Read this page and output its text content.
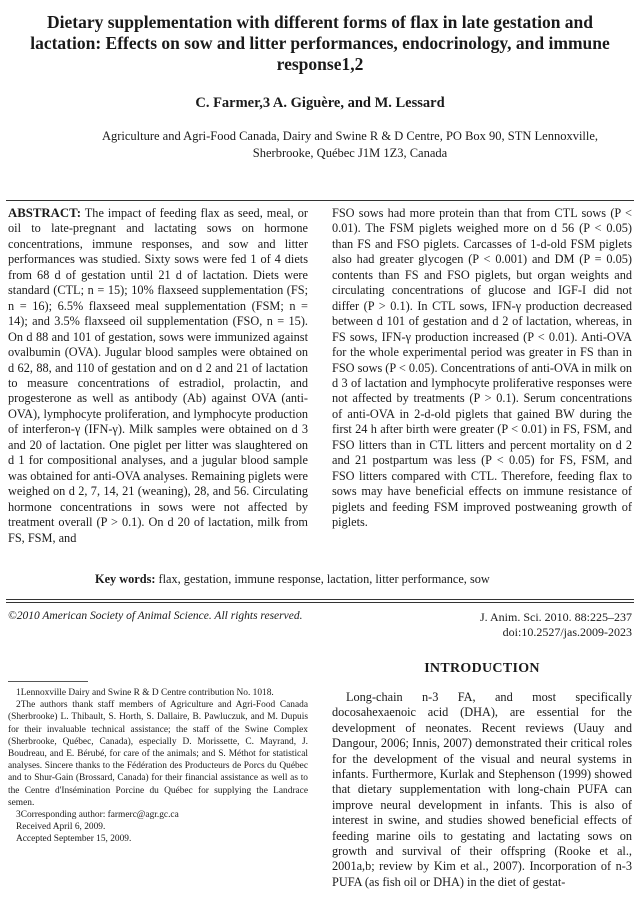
Dietary supplementation with different forms of flax in late gestation and lactation: Effects on sow and litter performances, endocrinology, and immune response1,2
C. Farmer,3 A. Giguère, and M. Lessard
Agriculture and Agri-Food Canada, Dairy and Swine R & D Centre, PO Box 90, STN Lennoxville, Sherbrooke, Québec J1M 1Z3, Canada
ABSTRACT: The impact of feeding flax as seed, meal, or oil to late-pregnant and lactating sows on hormone concentrations, immune responses, and sow and litter performances was studied. Sixty sows were fed 1 of 4 diets from 68 d of gestation until 21 d of lactation. Diets were standard (CTL; n = 15); 10% flaxseed supplementation (FS; n = 16); 6.5% flaxseed meal supplementation (FSM; n = 14); and 3.5% flaxseed oil supplementation (FSO, n = 15). On d 88 and 101 of gestation, sows were immunized against ovalbumin (OVA). Jugular blood samples were obtained on d 62, 88, and 110 of gestation and on d 2 and 21 of lactation to measure concentrations of estradiol, prolactin, and progesterone as well as antibody (Ab) against OVA (anti-OVA), lymphocyte proliferation, and lymphocyte production of interferon-γ (IFN-γ). Milk samples were obtained on d 3 and 20 of lactation. One piglet per litter was slaughtered on d 1 for compositional analyses, and a jugular blood sample was obtained for anti-OVA analyses. Remaining piglets were weighed on d 2, 7, 14, 21 (weaning), 28, and 56. Circulating hormone concentrations in sows were not affected by treatment overall (P > 0.1). On d 20 of lactation, milk from FS, FSM, and
FSO sows had more protein than that from CTL sows (P < 0.01). The FSM piglets weighed more on d 56 (P < 0.05) than FS and FSO piglets. Carcasses of 1-d-old FSM piglets also had greater glycogen (P < 0.001) and DM (P = 0.05) contents than FS and FSO piglets, but organ weights and circulating concentrations of glucose and IGF-I did not differ (P > 0.1). In CTL sows, IFN-γ production decreased between d 101 of gestation and d 2 of lactation, whereas, in FS sows, IFN-γ production increased (P < 0.01). Anti-OVA for the whole experimental period was greater in FS than in FSO sows (P < 0.05). Concentrations of anti-OVA in milk on d 3 of lactation and lymphocyte proliferative responses were not affected by treatments (P > 0.1). Serum concentrations of anti-OVA in 2-d-old piglets that gained BW during the first 24 h after birth were greater (P < 0.01) in FS, FSM, and FSO litters than in CTL litters and percent mortality on d 2 and 21 postpartum was less (P < 0.05) for FS, FSM, and FSO litters compared with CTL. Therefore, feeding flax to sows may have beneficial effects on immune resistance of piglets and feeding FSM improved postweaning growth of piglets.
Key words: flax, gestation, immune response, lactation, litter performance, sow
©2010 American Society of Animal Science. All rights reserved.	J. Anim. Sci. 2010. 88:225–237
doi:10.2527/jas.2009-2023

1Lennoxville Dairy and Swine R & D Centre contribution No. 1018.

2The authors thank staff members of Agriculture and Agri-Food Canada (Sherbrooke) L. Thibault, S. Horth, S. Dallaire, B. Pawluczuk, and M. Dupuis for their invaluable technical assistance; the staff of the Swine Complex (Sherbrooke, Québec, Canada), especially D. Morissette, C. Mayrand, J. Boudreau, and E. Bérubé, for care of the animals; and S. Méthot for statistical analyses. Sincere thanks to the Fédération des Producteurs de Porcs du Québec and to Shur-Gain (Brossard, Canada) for their financial assistance as well as to the Centre d'Insémination Porcine du Québec for supplying the Landrace semen.

3Corresponding author: farmerc@agr.gc.ca

Received April 6, 2009.

Accepted September 15, 2009.

INTRODUCTION
Long-chain n-3 FA, and most specifically docosahexaenoic acid (DHA), are essential for the development of neonates. Recent reviews (Uauy and Dangour, 2006; Innis, 2007) demonstrated their critical roles for the development of the visual and neural systems in infants. Furthermore, Kurlak and Stephenson (1999) showed that dietary supplementation with long-chain PUFA can improve neural development in infants. This is also of interest in swine, and studies showed beneficial effects of feeding marine oils to gestating and lactating sows on growth and survival of their offspring (Rooke et al., 2001a,b; review by Kim et al., 2007). Incorporation of n-3 PUFA (as fish oil or DHA) in the diet of gestat-
